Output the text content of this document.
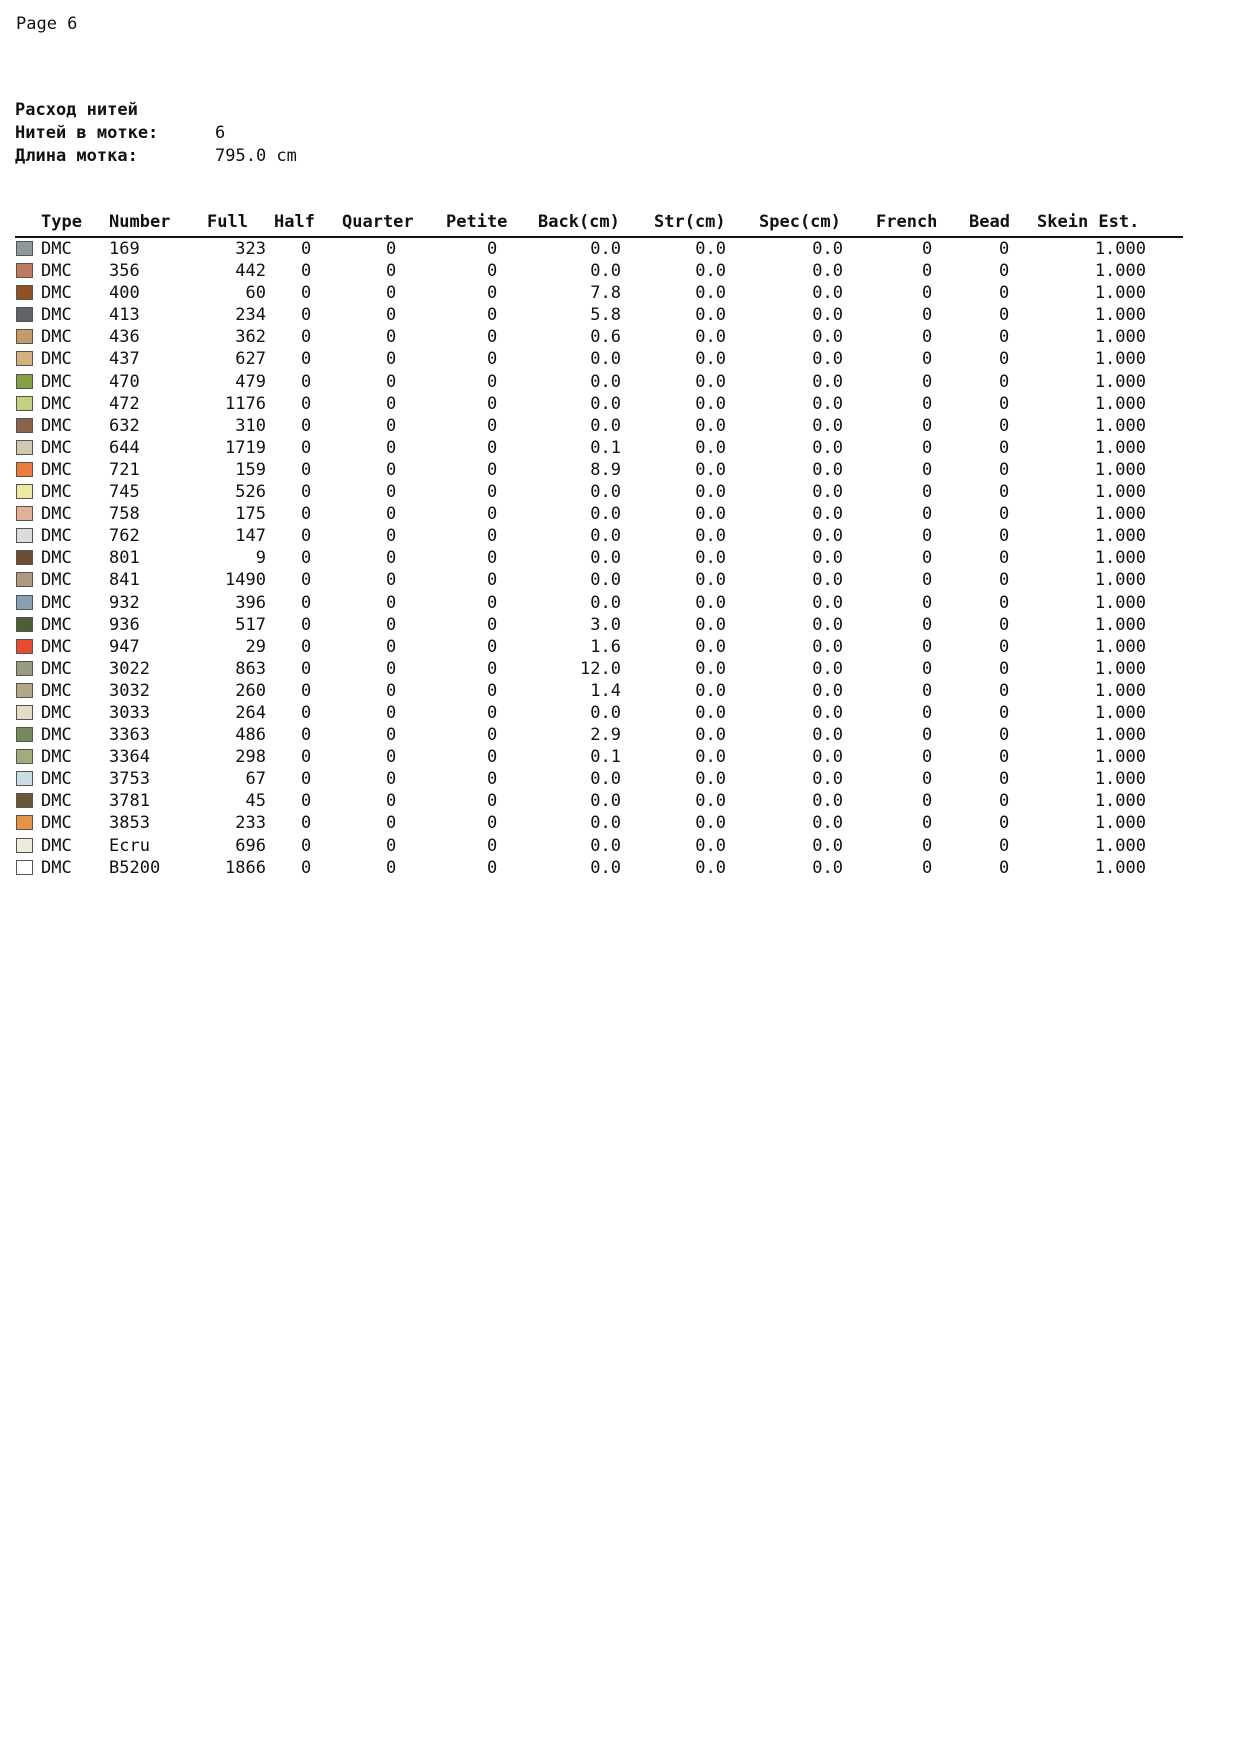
Page 6
Расход нитей
Нитей в мотке:	6
Длина мотка:	795.0 cm
Type Number Full Half Quarter Petite Back(cm) Str(cm) Spec(cm) French Bead Skein Est.
DMC 169	323 0	0	0	0.0	0.0	0.0	0	0	1.000
DMC 356	442 0	0	0	0.0	0.0	0.0	0	0	1.000
DMC 400	60 0	0	0	7.8	0.0	0.0	0	0	1.000
DMC 413	234 0	0	0	5.8	0.0	0.0	0	0	1.000
DMC 436	362 0	0	0	0.6	0.0	0.0	0	0	1.000
DMC 437	627 0	0	0	0.0	0.0	0.0	0	0	1.000
DMC 470	479 0	0	0	0.0	0.0	0.0	0	0	1.000
DMC 472	1176 0	0	0	0.0	0.0	0.0	0	0	1.000
DMC 632	310 0	0	0	0.0	0.0	0.0	0	0	1.000
DMC 644	1719 0	0	0	0.1	0.0	0.0	0	0	1.000
DMC 721	159 0	0	0	8.9	0.0	0.0	0	0	1.000
DMC 745	526 0	0	0	0.0	0.0	0.0	0	0	1.000
DMC 758	175 0	0	0	0.0	0.0	0.0	0	0	1.000
DMC 762	147 0	0	0	0.0	0.0	0.0	0	0	1.000
DMC 801	9 0	0	0	0.0	0.0	0.0	0	0	1.000
DMC 841	1490 0	0	0	0.0	0.0	0.0	0	0	1.000
DMC 932	396 0	0	0	0.0	0.0	0.0	0	0	1.000
DMC 936	517 0	0	0	3.0	0.0	0.0	0	0	1.000
DMC 947	29 0	0	0	1.6	0.0	0.0	0	0	1.000
DMC 3022	863 0	0	0	12.0	0.0	0.0	0	0	1.000
DMC 3032	260 0	0	0	1.4	0.0	0.0	0	0	1.000
DMC 3033	264 0	0	0	0.0	0.0	0.0	0	0	1.000
DMC 3363	486 0	0	0	2.9	0.0	0.0	0	0	1.000
DMC 3364	298 0	0	0	0.1	0.0	0.0	0	0	1.000
DMC 3753	67 0	0	0	0.0	0.0	0.0	0	0	1.000
DMC 3781	45 0	0	0	0.0	0.0	0.0	0	0	1.000
DMC 3853	233 0	0	0	0.0	0.0	0.0	0	0	1.000
DMC Ecru	696 0	0	0	0.0	0.0	0.0	0	0	1.000
DMC B5200	1866 0	0	0	0.0	0.0	0.0	0	0	1.000
